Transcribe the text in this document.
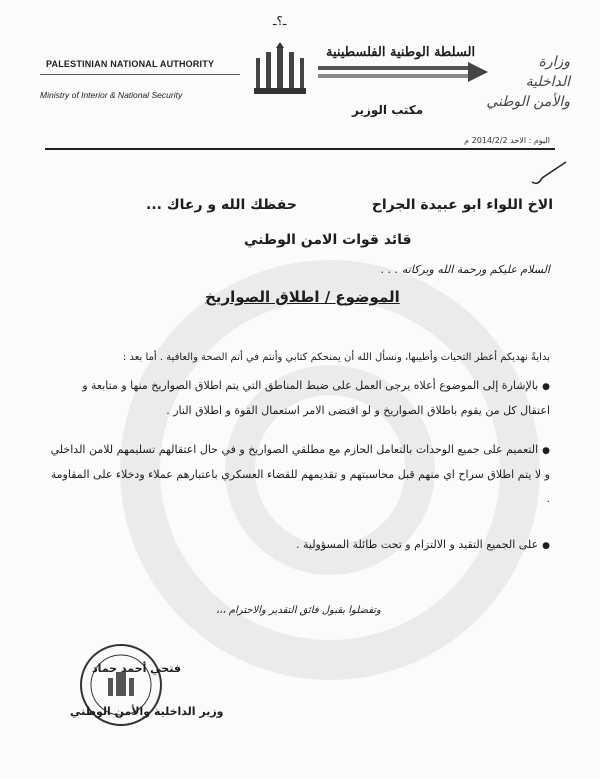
ـ؟ـ
PALESTINIAN NATIONAL AUTHORITY
Ministry of Interior & National Security
السلطة الوطنية الفلسطينية
مكتب الوزير
وزارة
الداخلية
والأمن الوطني
اليوم : الاحد 2014/2/2 م
الاخ اللواء ابو عبيدة الجراح
حفظك الله و رعاك ...
قائد قوات الامن الوطني
السلام عليكم ورحمة الله وبركاته . . .
الموضوع / اطلاق الصواريخ
بدايةً نهديكم أعطر التحيات وأطيبها، ونسأل الله أن يمنحكم كتابي وأنتم في أتم الصحة والعافية . أما بعد :
●بالإشارة إلى الموضوع أعلاه يرجى العمل على ضبط المناطق التي يتم اطلاق الصواريخ منها و متابعة و اعتقال كل من يقوم باطلاق الصواريخ و لو اقتضى الامر استعمال القوة و اطلاق النار .
●التعميم على جميع الوحدات بالتعامل الحازم مع مطلقي الصواريخ و في حال اعتقالهم تسليمهم للامن الداخلي و لا يتم اطلاق سراح اي منهم قبل محاسبتهم و تقديمهم للقضاء العسكري باعتبارهم عملاء ودخلاء على المقاومة .
●على الجميع التقيد و الالتزام و تحت طائلة المسؤولية .
وتفضلوا بقبول فائق التقدير والاحترام ،،،
فتحي أحمد حماد
وزير الداخلية والأمن الوطني
